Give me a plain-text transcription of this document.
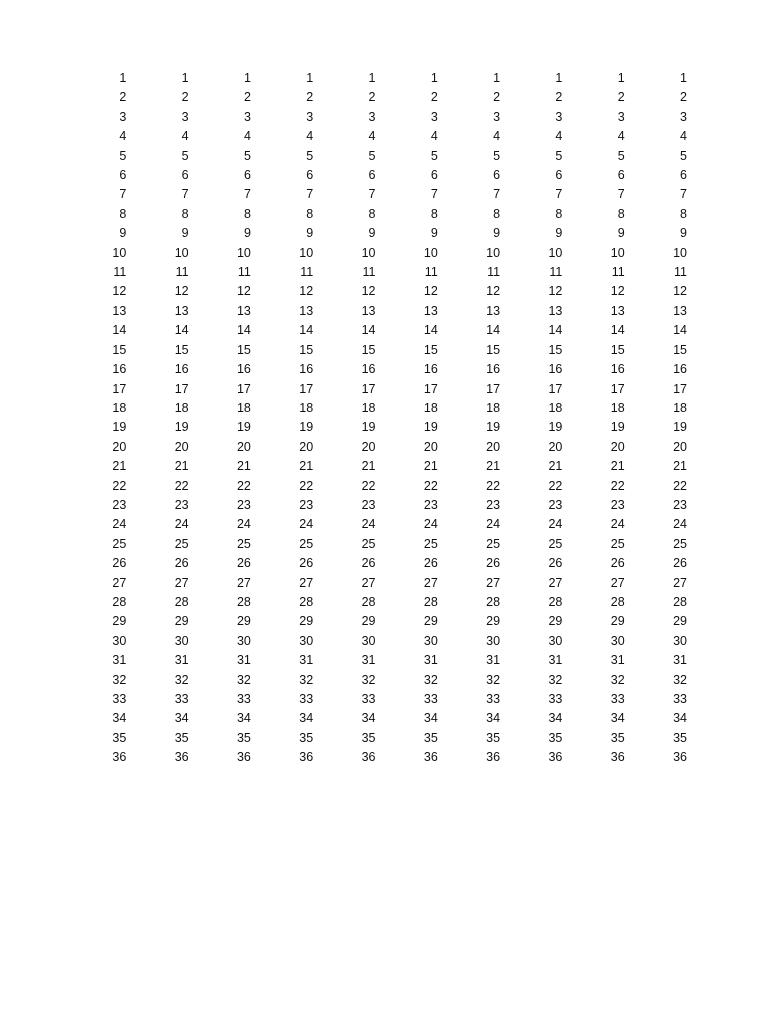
1	1	1	1	1	1	1	1	1	1
2	2	2	2	2	2	2	2	2	2
3	3	3	3	3	3	3	3	3	3
4	4	4	4	4	4	4	4	4	4
5	5	5	5	5	5	5	5	5	5
6	6	6	6	6	6	6	6	6	6
7	7	7	7	7	7	7	7	7	7
8	8	8	8	8	8	8	8	8	8
9	9	9	9	9	9	9	9	9	9
10	10	10	10	10	10	10	10	10	10
11	11	11	11	11	11	11	11	11	11
12	12	12	12	12	12	12	12	12	12
13	13	13	13	13	13	13	13	13	13
14	14	14	14	14	14	14	14	14	14
15	15	15	15	15	15	15	15	15	15
16	16	16	16	16	16	16	16	16	16
17	17	17	17	17	17	17	17	17	17
18	18	18	18	18	18	18	18	18	18
19	19	19	19	19	19	19	19	19	19
20	20	20	20	20	20	20	20	20	20
21	21	21	21	21	21	21	21	21	21
22	22	22	22	22	22	22	22	22	22
23	23	23	23	23	23	23	23	23	23
24	24	24	24	24	24	24	24	24	24
25	25	25	25	25	25	25	25	25	25
26	26	26	26	26	26	26	26	26	26
27	27	27	27	27	27	27	27	27	27
28	28	28	28	28	28	28	28	28	28
29	29	29	29	29	29	29	29	29	29
30	30	30	30	30	30	30	30	30	30
31	31	31	31	31	31	31	31	31	31
32	32	32	32	32	32	32	32	32	32
33	33	33	33	33	33	33	33	33	33
34	34	34	34	34	34	34	34	34	34
35	35	35	35	35	35	35	35	35	35
36	36	36	36	36	36	36	36	36	36
